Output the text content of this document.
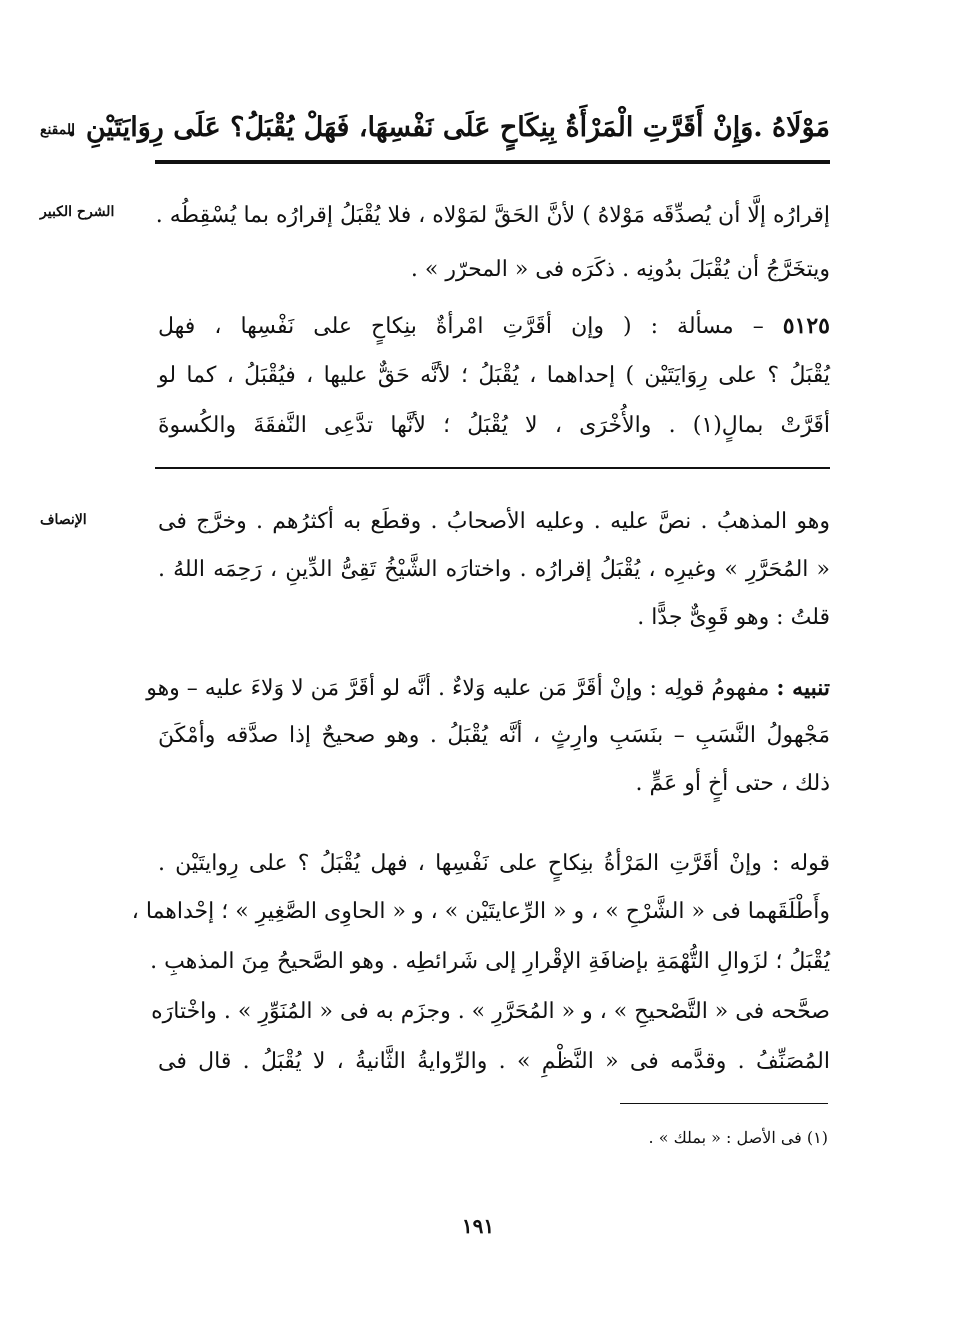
المقنع
مَوْلَاهُ .وَإِنْ أَقَرَّتِ الْمَرْأَةُ بِنِكَاحٍ عَلَى نَفْسِهَا، فَهَلْ يُقْبَلُ؟ عَلَى رِوَايَتَيْنِ .
الشرح الكبير	إقرارُه إلَّا أن يُصدِّقَه مَوْلاهُ ) لأنَّ الحَقَّ لمَوْلاه ، فلا يُقْبَلُ إقرارُه بما يُسْقِطُه .
ويتخَرَّجُ أن يُقْبَلَ بدُونِه . ذكَرَه فى « المحرّر » .
٥١٢٥ – مسألة : ( وإن أقَرَّتِ امْرأةٌ بنِكاحٍ على نَفْسِها ، فهل
يُقْبَلُ ؟ على رِوَايَتَيْن ) إحداهما ، يُقْبَلُ ؛ لأنَّه حَقٌّ عليها ، فيُقْبَلُ ، كما لو
أقَرَّتْ بمالٍ(١) . والأُخْرَى ، لا يُقْبَلُ ؛ لأنَّها تدَّعِى النَّفقَةَ والكُسوةَ
الإنصاف	وهو المذهبُ . نصَّ عليه . وعليه الأصحابُ . وقطَع به أكثرُهم . وخرَّج فى
« المُحَرَّرِ » وغيرِه ، يُقْبَلُ إقرارُه . واختارَه الشَّيْخُ تَقِىُّ الدِّينِ ، رَحِمَه اللهُ .
قلتُ : وهو قَوِىٌّ جدًّا .
تنبيه : مفهومُ قولِه : وإنْ أقَرَّ مَن عليه وَلاءٌ . أنَّه لو أقَرَّ مَن لا وَلاءَ عليه – وهو
مَجْهولُ النَّسَبِ – بنَسَبِ وارِثٍ ، أنَّه يُقْبَلُ . وهو صحيحٌ إذا صدَّقه وأمْكَنَ
ذلك ، حتى أخٍ أو عَمٍّ .
قوله : وإنْ أقَرَّتِ المَرْأةُ بنِكاحٍ على نَفْسِها ، فهل يُقْبَلُ ؟ على رِوايتَيْن .
وأَطْلَقَهما فى « الشَّرْحِ » ، و « الرِّعايتَيْن » ، و « الحاوِى الصَّغِيرِ » ؛ إحْداهما ،
يُقْبَلُ ؛ لزَوالِ التُّهْمَةِ بإضافَةِ الإقْرارِ إلى شَرائطِه . وهو الصَّحيحُ مِنَ المذهبِ .
صحَّحه فى « التَّصْحيحِ » ، و « المُحَرَّرِ » . وجزَم به فى « المُنَوِّرِ » . واخْتارَه
المُصَنِّفُ . وقدَّمه فى « النَّظْمِ » . والرِّوايةُ الثَّانيةُ ، لا يُقْبَلُ . قال فى
(١) فى الأصل : « بملك » .
١٩١
